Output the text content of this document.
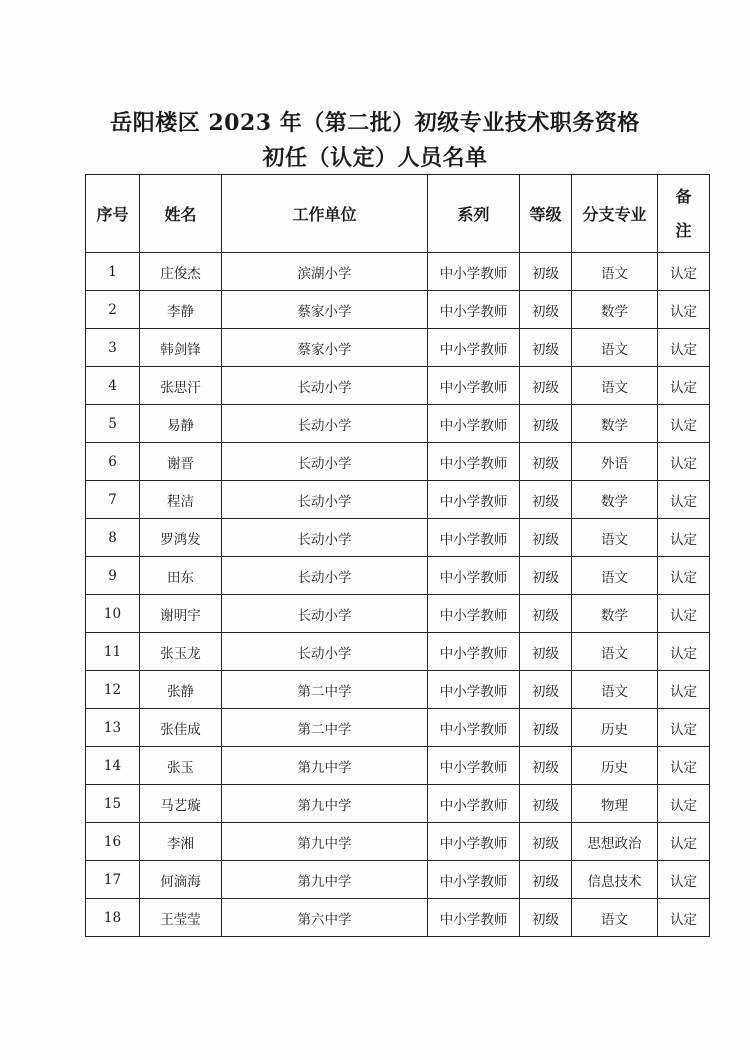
岳阳楼区 2023 年（第二批）初级专业技术职务资格
初任（认定）人员名单
序号	姓名	工作单位	系列	等级	分支专业	备
注
1	庄俊杰	滨湖小学	中小学教师	初级	语文	认定
2	李静	蔡家小学	中小学教师	初级	数学	认定
3	韩剑锋	蔡家小学	中小学教师	初级	语文	认定
4	张思汗	长动小学	中小学教师	初级	语文	认定
5	易静	长动小学	中小学教师	初级	数学	认定
6	谢晋	长动小学	中小学教师	初级	外语	认定
7	程洁	长动小学	中小学教师	初级	数学	认定
8	罗鸿发	长动小学	中小学教师	初级	语文	认定
9	田东	长动小学	中小学教师	初级	语文	认定
10	谢明宇	长动小学	中小学教师	初级	数学	认定
11	张玉龙	长动小学	中小学教师	初级	语文	认定
12	张静	第二中学	中小学教师	初级	语文	认定
13	张佳成	第二中学	中小学教师	初级	历史	认定
14	张玉	第九中学	中小学教师	初级	历史	认定
15	马艺璇	第九中学	中小学教师	初级	物理	认定
16	李湘	第九中学	中小学教师	初级	思想政治	认定
17	何滴海	第九中学	中小学教师	初级	信息技术	认定
18	王莹莹	第六中学	中小学教师	初级	语文	认定
